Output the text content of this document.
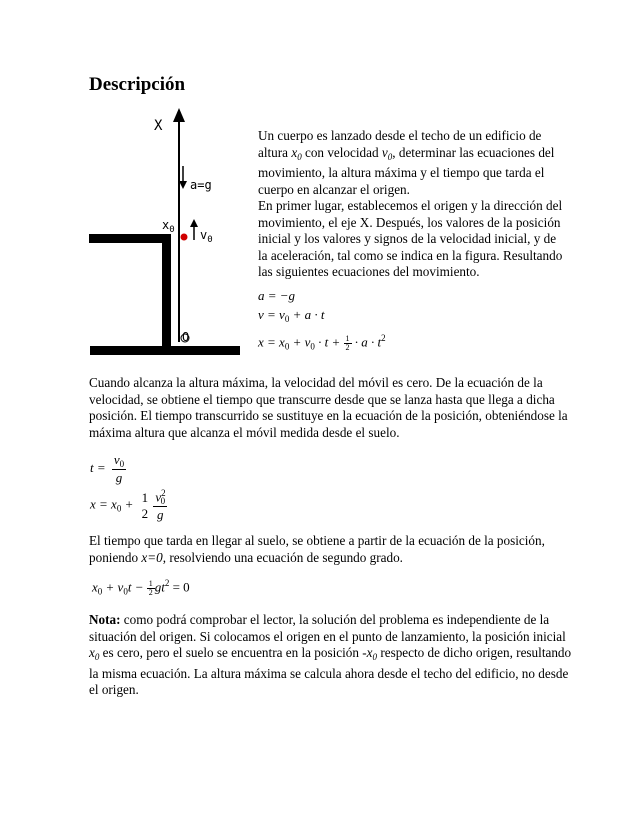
Descripción
X
a=g
$x_0$ $v_0$
O
Un cuerpo es lanzado desde el techo de un edificio de
altura $x_0$ con velocidad $v_0$, determinar las ecuaciones del
movimiento, la altura máxima y el tiempo que tarda el
cuerpo en alcanzar el origen.
En primer lugar, establecemos el origen y la dirección del
movimiento, el eje X. Después, los valores de la posición
inicial y los valores y signos de la velocidad inicial, y de
la aceleración, tal como se indica en la figura. Resultando
las siguientes ecuaciones del movimiento.
a = −g
$v = v_0 + a \cdot t$
$x = x_0 + v_0 \cdot t + \frac{1}{2} \cdot a \cdot t^2$
Cuando alcanza la altura máxima, la velocidad del móvil es cero. De la ecuación de la
velocidad, se obtiene el tiempo que transcurre desde que se lanza hasta que llega a dicha
posición. El tiempo transcurrido se sustituye en la ecuación de la posición, obteniéndose la
máxima altura que alcanza el móvil medida desde el suelo.
$t = \frac{v_0}{g}$
$x = x_0 + 1$
2
$\frac{v^2_0}{g}$
El tiempo que tarda en llegar al suelo, se obtiene a partir de la ecuación de la posición,
poniendo x=0, resolviendo una ecuación de segundo grado.
$x_0 + v_0t - \frac{1}{2} gt^2 = 0$
Nota: como podrá comprobar el lector, la solución del problema es independiente de la
situación del origen. Si colocamos el origen en el punto de lanzamiento, la posición inicial
$x_0$ es cero, pero el suelo se encuentra en la posición $-x_0$ respecto de dicho origen, resultando
la misma ecuación. La altura máxima se calcula ahora desde el techo del edificio, no desde
el origen.
